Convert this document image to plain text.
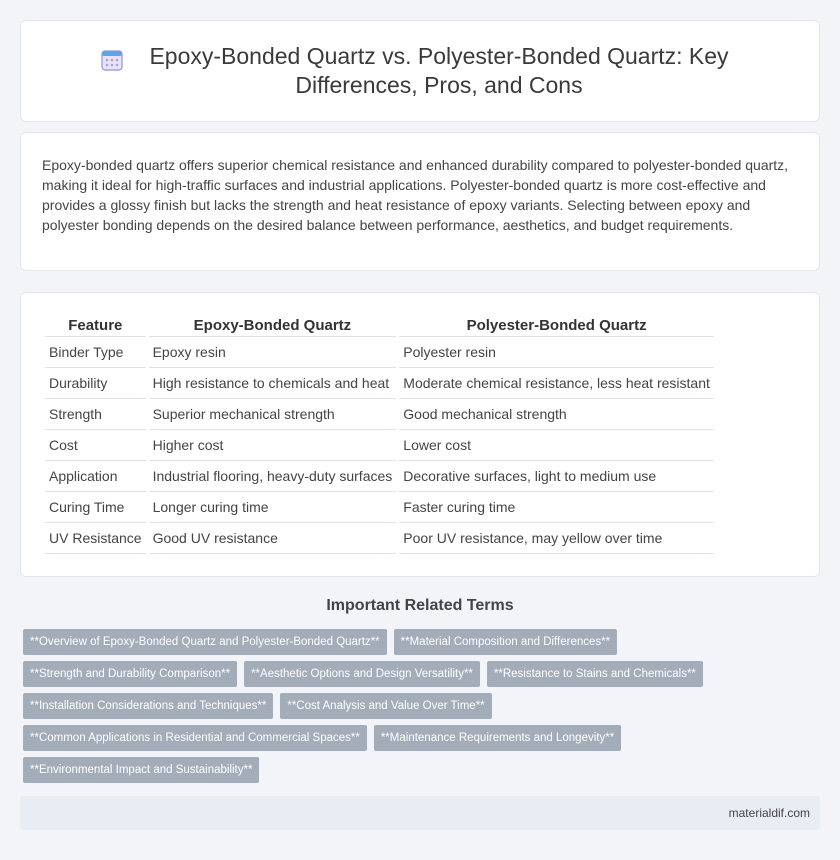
Epoxy-Bonded Quartz vs. Polyester-Bonded Quartz: Key Differences, Pros, and Cons

Epoxy-bonded quartz offers superior chemical resistance and enhanced durability compared to polyester-bonded quartz, making it ideal for high-traffic surfaces and industrial applications. Polyester-bonded quartz is more cost-effective and provides a glossy finish but lacks the strength and heat resistance of epoxy variants. Selecting between epoxy and polyester bonding depends on the desired balance between performance, aesthetics, and budget requirements.

Feature	Epoxy-Bonded Quartz	Polyester-Bonded Quartz
Binder Type	Epoxy resin	Polyester resin
Durability	High resistance to chemicals and heat	Moderate chemical resistance, less heat resistant
Strength	Superior mechanical strength	Good mechanical strength
Cost	Higher cost	Lower cost
Application	Industrial flooring, heavy-duty surfaces	Decorative surfaces, light to medium use
Curing Time	Longer curing time	Faster curing time
UV Resistance	Good UV resistance	Poor UV resistance, may yellow over time
Important Related Terms
**Overview of Epoxy-Bonded Quartz and Polyester-Bonded Quartz**	**Material Composition and Differences**
**Strength and Durability Comparison**	**Aesthetic Options and Design Versatility**	**Resistance to Stains and Chemicals**
**Installation Considerations and Techniques**	**Cost Analysis and Value Over Time**
**Common Applications in Residential and Commercial Spaces**	**Maintenance Requirements and Longevity**
**Environmental Impact and Sustainability**
materialdif.com
